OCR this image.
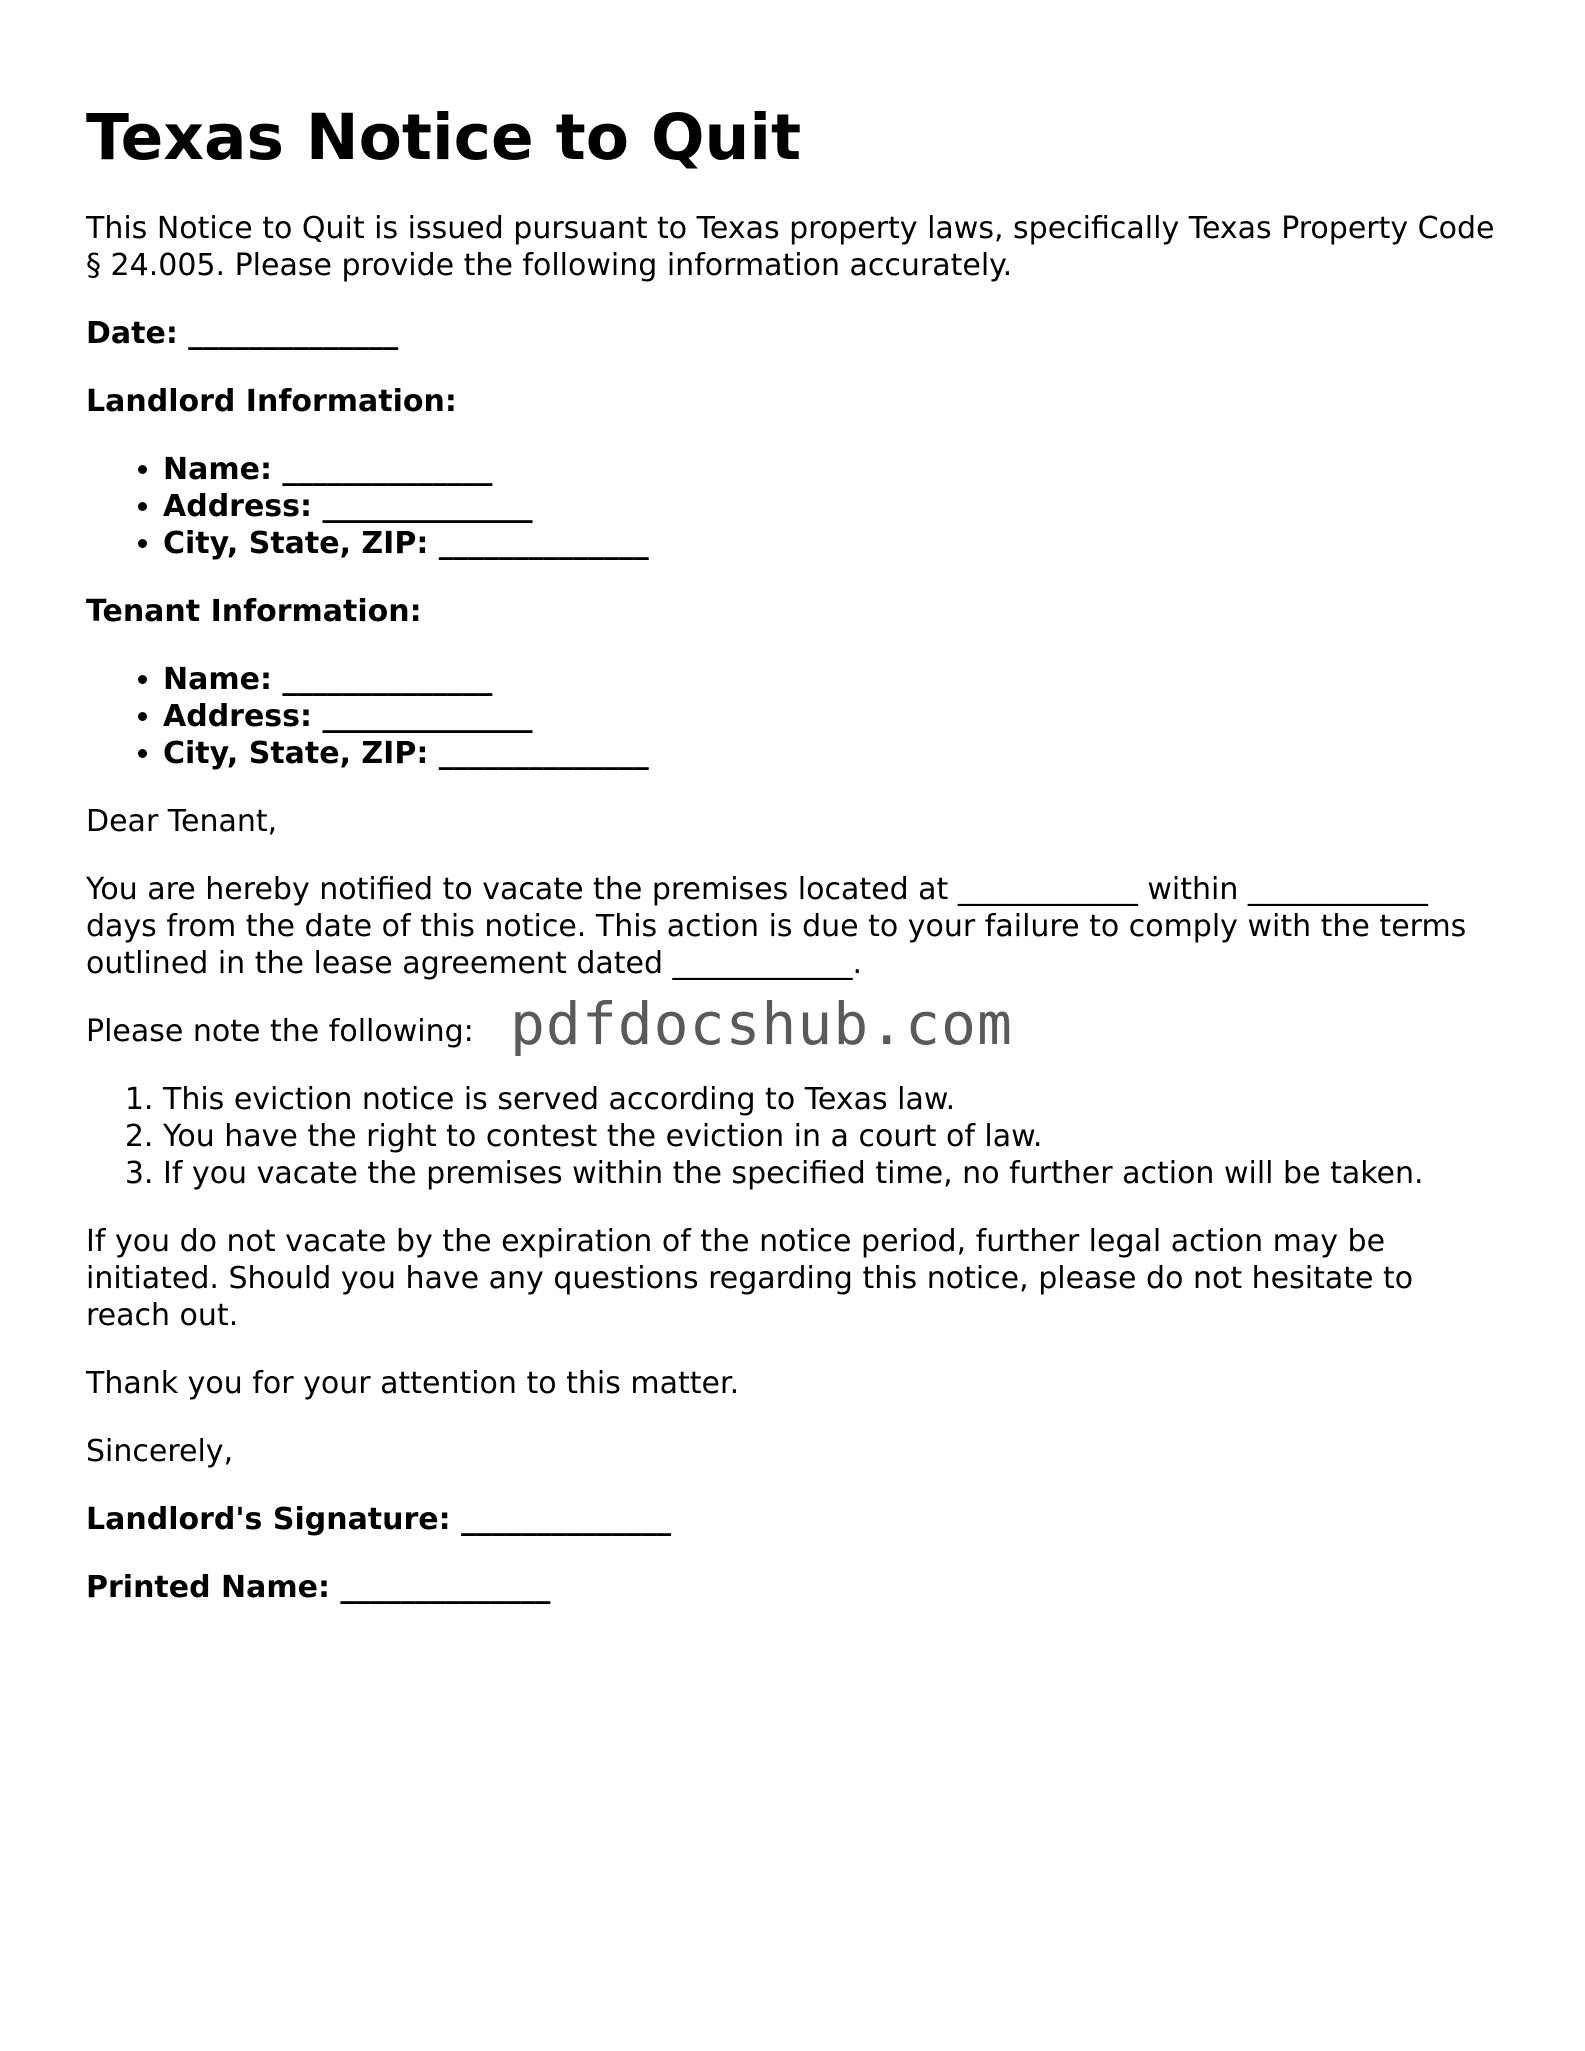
Texas Notice to Quit

This Notice to Quit is issued pursuant to Texas property laws, specifically Texas Property Code § 24.005. Please provide the following information accurately.

Date: ______________

Landlord Information:

• Name: ______________
• Address: ______________
• City, State, ZIP: ______________

Tenant Information:

• Name: ______________
• Address: ______________
• City, State, ZIP: ______________

Dear Tenant,

You are hereby notified to vacate the premises located at ____________ within ____________ days from the date of this notice. This action is due to your failure to comply with the terms outlined in the lease agreement dated ____________.

Please note the following:

1. This eviction notice is served according to Texas law.
2. You have the right to contest the eviction in a court of law.
3. If you vacate the premises within the specified time, no further action will be taken.

If you do not vacate by the expiration of the notice period, further legal action may be initiated. Should you have any questions regarding this notice, please do not hesitate to reach out.

Thank you for your attention to this matter.

Sincerely,

Landlord's Signature: ______________

Printed Name: ______________

pdfdocshub.com
